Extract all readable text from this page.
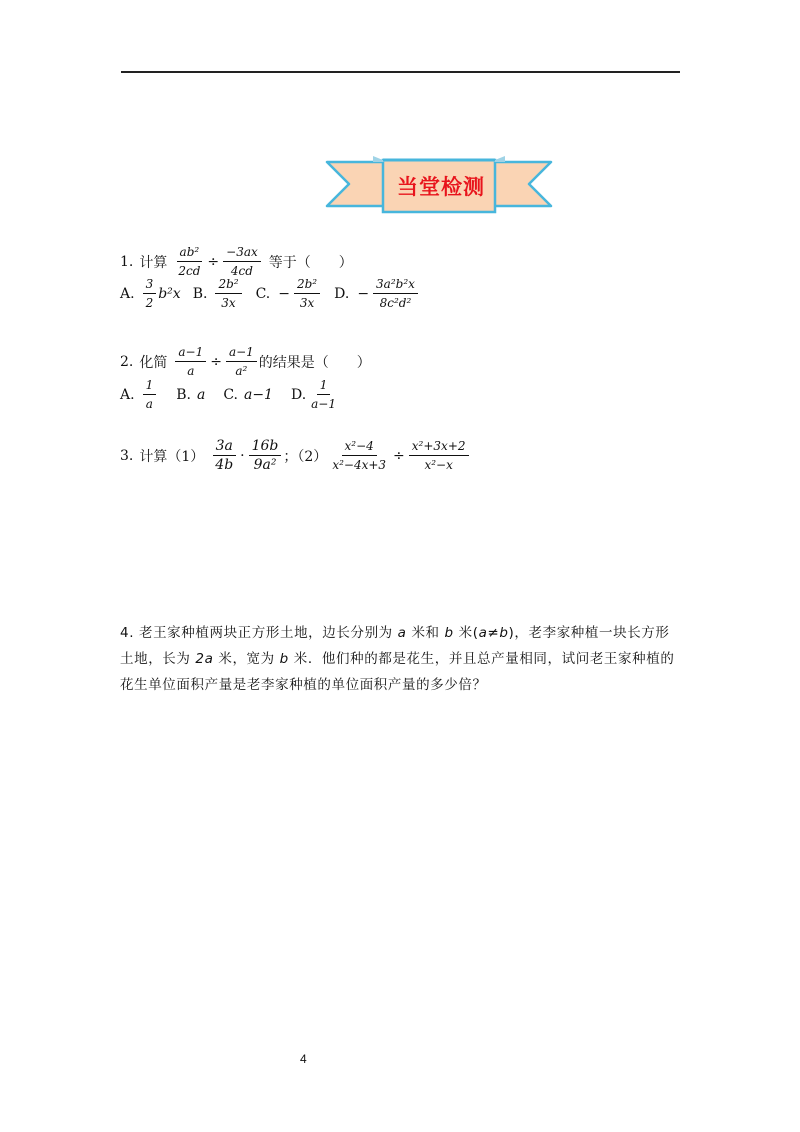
当堂检测
1. 计算 $\frac{\text{ab²}}{2cd} \div \frac{-3ax}{4cd}$ 等于（　　）
A. $\frac{3}{2} b^2x$ B. $\frac{\text{2b²}}{3x} C$. − $\frac{\text{2b²}}{3x} D$. − $\frac{\text{3a²b²x}}{\text{8c²d²}}$
2. 化简 $\frac{a-1}{a} \div \frac{a-1}{\text{a²}}$ 的结果是（　　）
A. $\frac{1}{a} B$. a C. a−1 D. $\frac{1}{a-1}$
3. 计算$(1) \frac{3a}{4b} \cdot \frac{16b}{\text{9a²}}$ ；$(2) \frac{\text{x²−4}}{\text{x²−4x+3}} \div \frac{\text{x²+3x+2}}{\text{x²−x}}$
4. 老王家种植两块正方形土地，边长分别为 a 米和 b 米(a≠b)，老李家种植一块长方形土地，长为 2a 米，宽为 b 米．他们种的都是花生，并且总产量相同，试问老王家种植的花生单位面积产量是老李家种植的单位面积产量的多少倍？
4
